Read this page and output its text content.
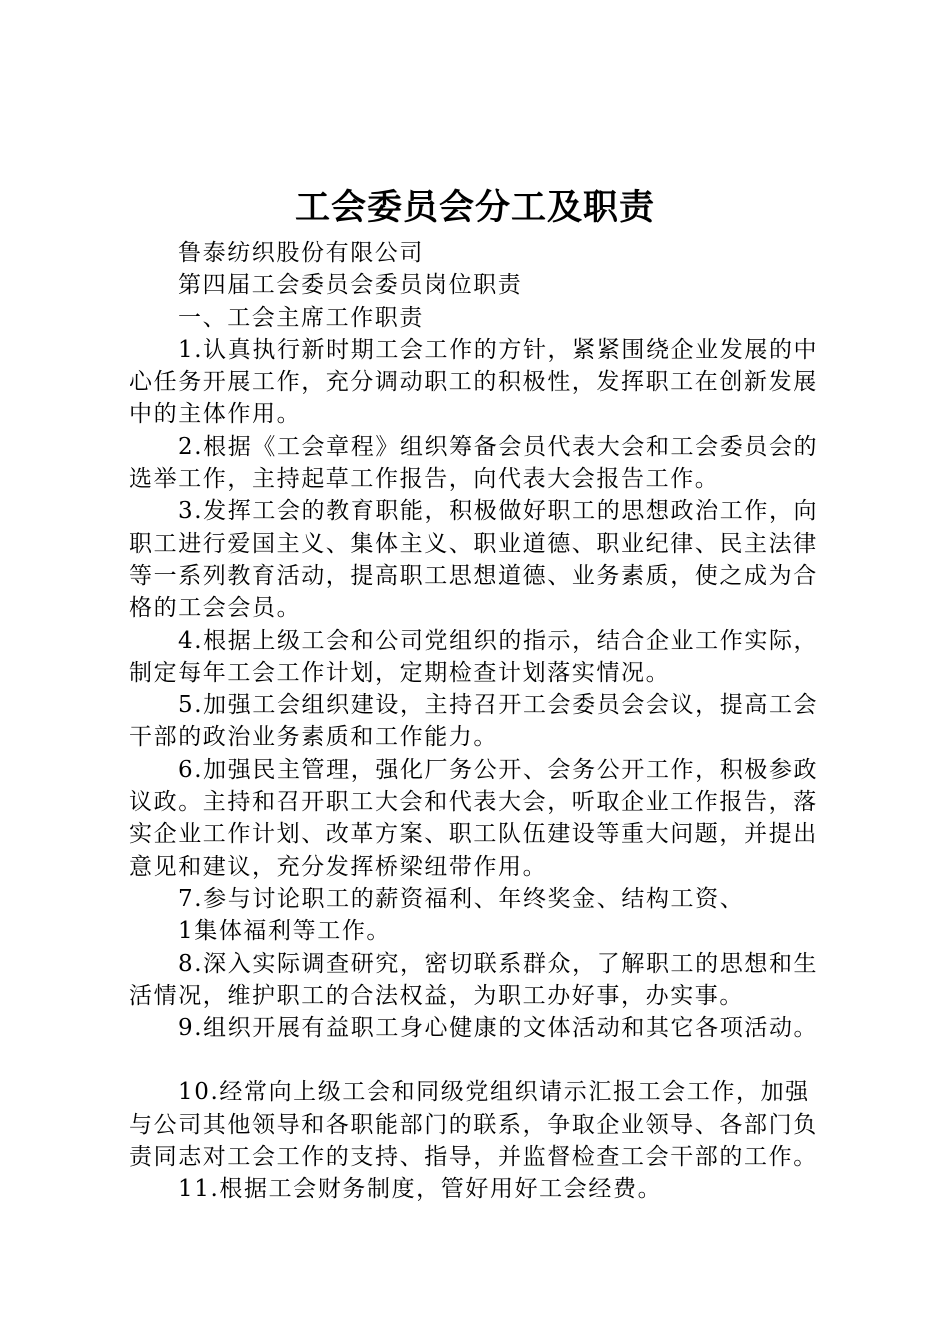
工会委员会分工及职责

鲁泰纺织股份有限公司

第四届工会委员会委员岗位职责

一、工会主席工作职责

1.认真执行新时期工会工作的方针，紧紧围绕企业发展的中心任务开展工作，充分调动职工的积极性，发挥职工在创新发展中的主体作用。

2.根据《工会章程》组织筹备会员代表大会和工会委员会的选举工作，主持起草工作报告，向代表大会报告工作。

3.发挥工会的教育职能，积极做好职工的思想政治工作，向职工进行爱国主义、集体主义、职业道德、职业纪律、民主法律等一系列教育活动，提高职工思想道德、业务素质，使之成为合格的工会会员。

4.根据上级工会和公司党组织的指示，结合企业工作实际，制定每年工会工作计划，定期检查计划落实情况。

5.加强工会组织建设，主持召开工会委员会会议，提高工会干部的政治业务素质和工作能力。

6.加强民主管理，强化厂务公开、会务公开工作，积极参政议政。主持和召开职工大会和代表大会，听取企业工作报告，落实企业工作计划、改革方案、职工队伍建设等重大问题，并提出意见和建议，充分发挥桥梁纽带作用。

7.参与讨论职工的薪资福利、年终奖金、结构工资、

1集体福利等工作。

8.深入实际调查研究，密切联系群众，了解职工的思想和生活情况，维护职工的合法权益，为职工办好事，办实事。

9.组织开展有益职工身心健康的文体活动和其它各项活动。

10.经常向上级工会和同级党组织请示汇报工会工作，加强与公司其他领导和各职能部门的联系，争取企业领导、各部门负责同志对工会工作的支持、指导，并监督检查工会干部的工作。

11.根据工会财务制度，管好用好工会经费。
